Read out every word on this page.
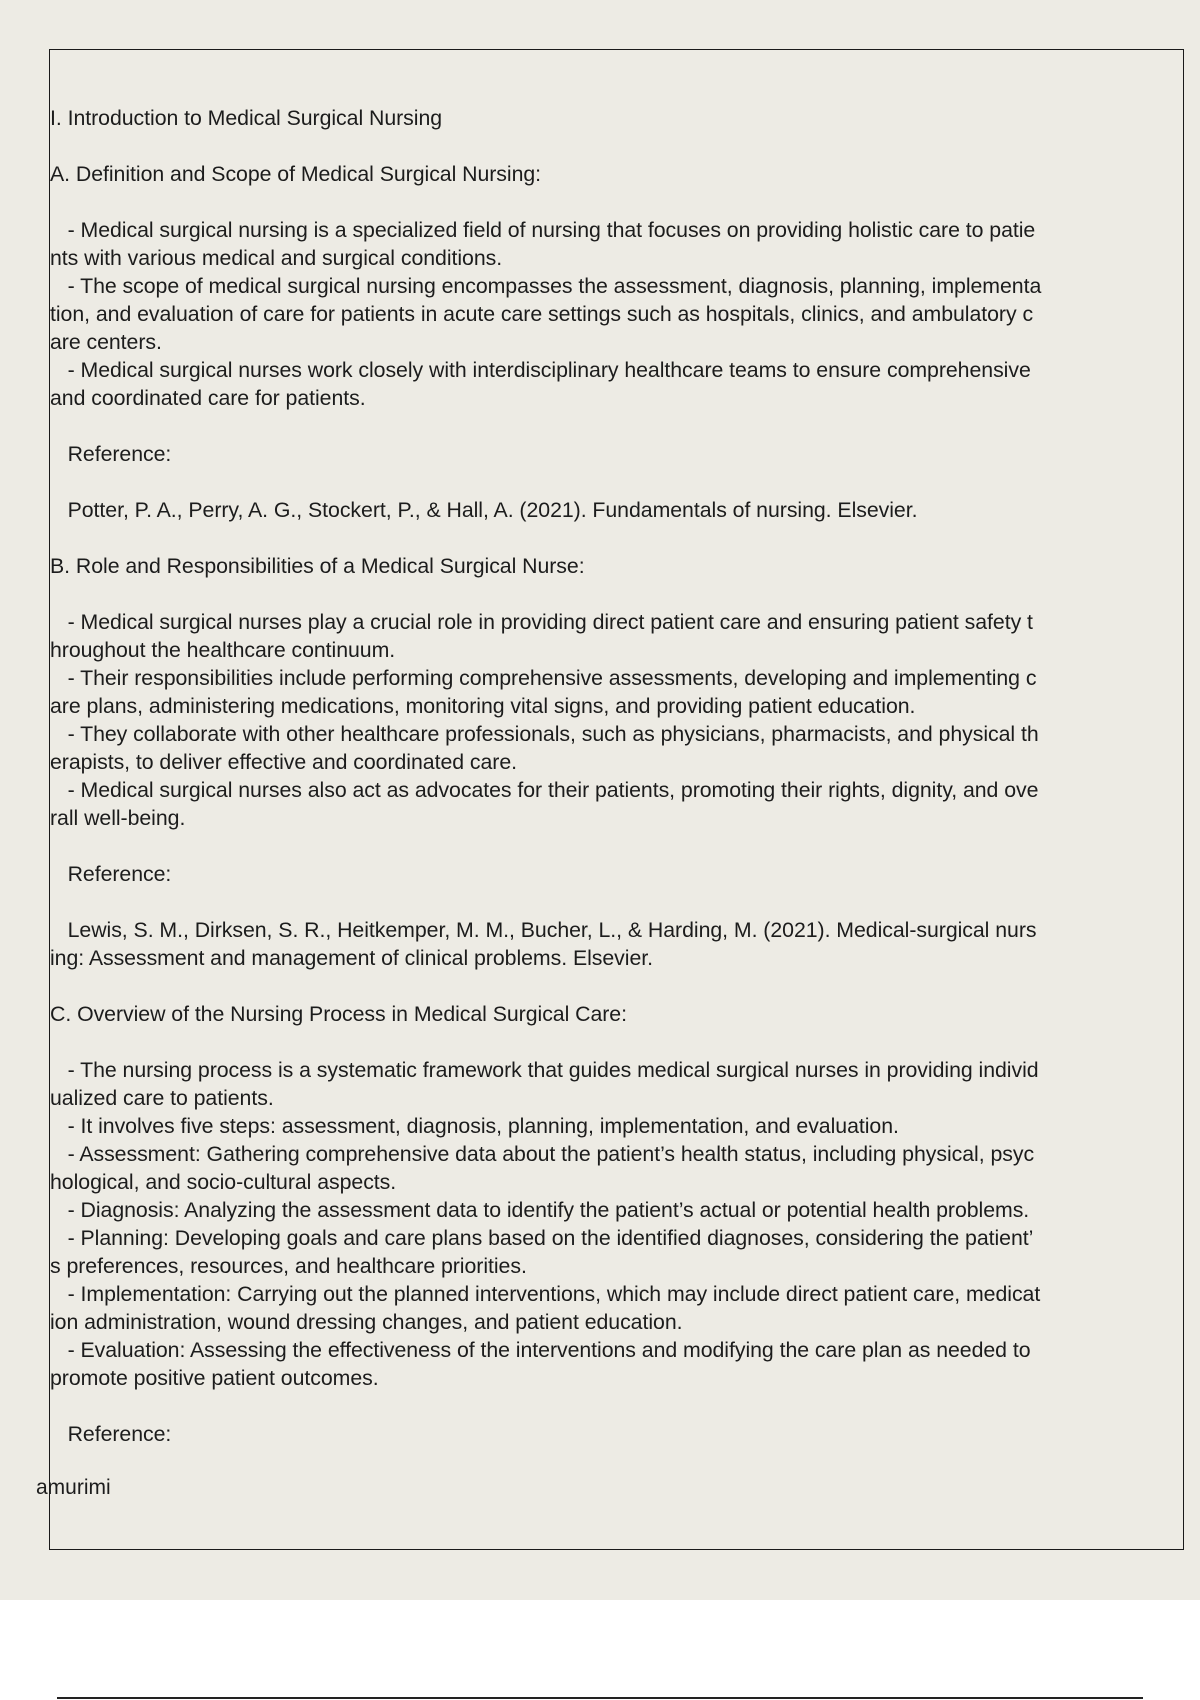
I. Introduction to Medical Surgical Nursing
A. Definition and Scope of Medical Surgical Nursing:
- Medical surgical nursing is a specialized field of nursing that focuses on providing holistic care to patie
nts with various medical and surgical conditions.
- The scope of medical surgical nursing encompasses the assessment, diagnosis, planning, implementa
tion, and evaluation of care for patients in acute care settings such as hospitals, clinics, and ambulatory c
are centers.
- Medical surgical nurses work closely with interdisciplinary healthcare teams to ensure comprehensive
and coordinated care for patients.
Reference:
Potter, P. A., Perry, A. G., Stockert, P., & Hall, A. (2021). Fundamentals of nursing. Elsevier.
B. Role and Responsibilities of a Medical Surgical Nurse:
- Medical surgical nurses play a crucial role in providing direct patient care and ensuring patient safety t
hroughout the healthcare continuum.
- Their responsibilities include performing comprehensive assessments, developing and implementing c
are plans, administering medications, monitoring vital signs, and providing patient education.
- They collaborate with other healthcare professionals, such as physicians, pharmacists, and physical th
erapists, to deliver effective and coordinated care.
- Medical surgical nurses also act as advocates for their patients, promoting their rights, dignity, and ove
rall well-being.
Reference:
Lewis, S. M., Dirksen, S. R., Heitkemper, M. M., Bucher, L., & Harding, M. (2021). Medical-surgical nurs
ing: Assessment and management of clinical problems. Elsevier.
C. Overview of the Nursing Process in Medical Surgical Care:
- The nursing process is a systematic framework that guides medical surgical nurses in providing individ
ualized care to patients.
- It involves five steps: assessment, diagnosis, planning, implementation, and evaluation.
- Assessment: Gathering comprehensive data about the patient’s health status, including physical, psyc
hological, and socio-cultural aspects.
- Diagnosis: Analyzing the assessment data to identify the patient’s actual or potential health problems.
- Planning: Developing goals and care plans based on the identified diagnoses, considering the patient’
s preferences, resources, and healthcare priorities.
- Implementation: Carrying out the planned interventions, which may include direct patient care, medicat
ion administration, wound dressing changes, and patient education.
- Evaluation: Assessing the effectiveness of the interventions and modifying the care plan as needed to
promote positive patient outcomes.
Reference:
amurimi
